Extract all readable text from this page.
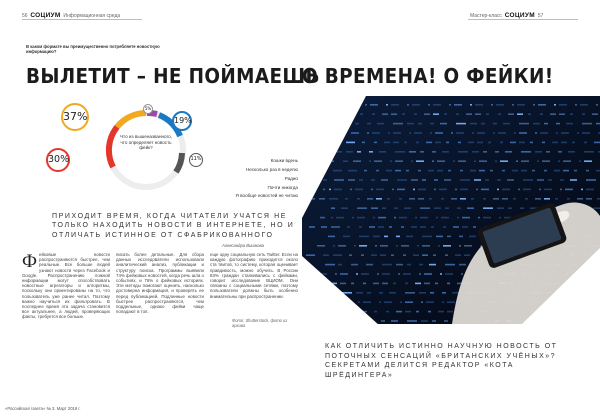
56 СОЦИУМ Информационная среда	Мастер-класс СОЦИУМ 57
В каком формате вы преимущественно потребляете новостную информацию?
ВЫЛЕТИТ – НЕ ПОЙМАЕШЬ
Что из вышеназванного, что определяет новость фейк?
37%
30%
19%
5%
11%	Кошки вдень
Несколько раз в неделю
Радио
Почти никогда
Я вообще новостей не читаю
ПРИХОДИТ ВРЕМЯ, КОГДА ЧИТАТЕЛИ УЧАТСЯ НЕ ТОЛЬКО НАХОДИТЬ НОВОСТИ В ИНТЕРНЕТЕ, НО И ОТЛИЧАТЬ ИСТИННОЕ ОТ СФАБРИКОВАННОГО
Александра Вишнова
Ф ейковые новости распространяются быстрее, чем реальные. Все больше людей узнают новости через Facebook и Google. Распространению ложной информации могут способствовать новостные агрегаторы и алгоритмы, поскольку они ориентированы на то, что пользователь уже ранее читал. Поэтому важно научиться их фильтровать. В последнее время эта задача становится все актуальнее, а людей, проверяющих факты, требуется все больше.
писать более детальные. Для сбора данных исследователи использовали аналитический анализ, публикации и структуру поиска. Программы выявили 74% фейковых новостей, когда речь шла о событиях, и 76% о фейковых историях. Эти методы помогают оценить, насколько достоверна информация, и проверять ее перед публикацией. Подлинные новости быстрее распространяются, чем поддельные, однако фейки чаще попадают в топ.
еще одну социальную сеть Twitter. Если на каждую фотографию приходится около ста твитов, то систему, которая оценивает правдивость, можно обучить. В России 83% граждан сталкивались с фейками, говорит исследование ВЦИОМ. Они связаны с социальными сетями, поэтому пользователи должны быть особенно внимательны при распространении.
О ВРЕМЕНА! О ФЕЙКИ!
Фото: Shutterstock, фото из архива
КАК ОТЛИЧИТЬ ИСТИННО НАУЧНУЮ НОВОСТЬ ОТ ПОТОЧНЫХ СЕНСАЦИЙ «БРИТАНСКИХ УЧЁНЫХ»? СЕКРЕТАМИ ДЕЛИТСЯ РЕДАКТОР «КОТА ШРЁДИНГЕРА»
«Российская газета» № 3. Март 2019 г.
